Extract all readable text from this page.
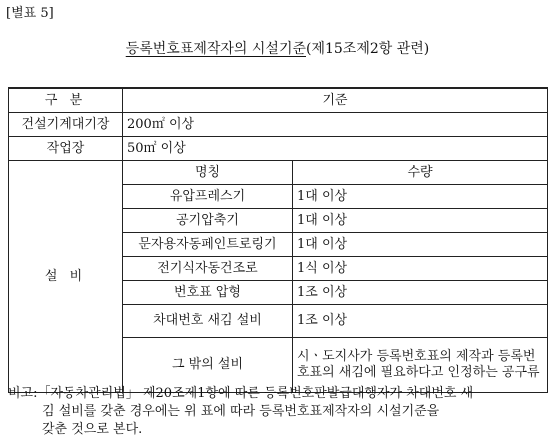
[별표 5]
등록번호표제작자의 시설기준(제15조제2항 관련)
구 분	기준	
건설기계대기장	200㎡ 이상	
작업장	50㎡ 이상	
설 비	명칭	수량
	유압프레스기	1대 이상
	공기압축기	1대 이상
	문자용자동페인트로링기	1대 이상
	전기식자동건조로	1식 이상
	번호표 압형	1조 이상
	차대번호 새김 설비	1조 이상
	그 밖의 설비	시ㆍ도지사가 등록번호표의 제작과 등록번호표의 새김에 필요하다고 인정하는 공구류
비고:「자동차관리법」 제20조제1항에 따른 등록번호판발급대행자가 차대번호 새
김 설비를 갖춘 경우에는 위 표에 따라 등록번호표제작자의 시설기준을
갖춘 것으로 본다.
